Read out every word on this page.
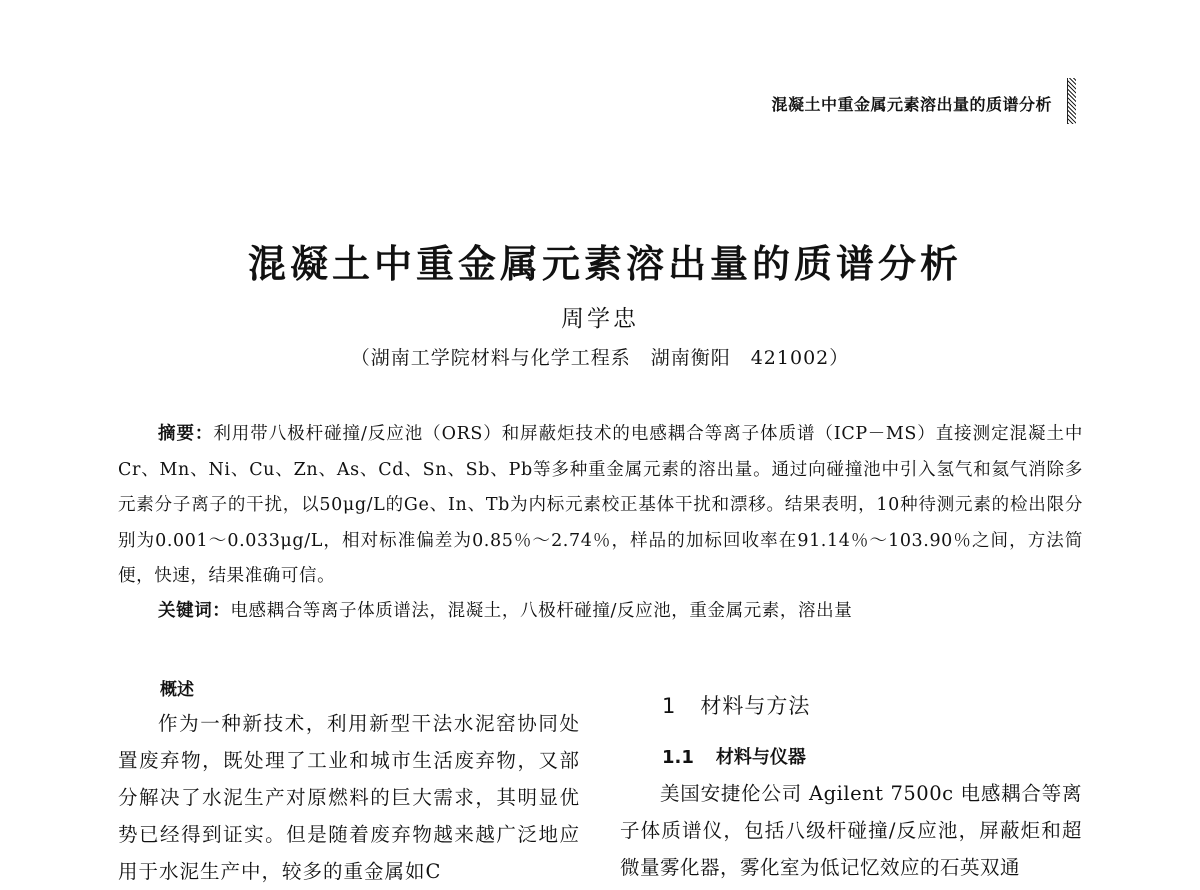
混凝土中重金属元素溶出量的质谱分析
混凝土中重金属元素溶出量的质谱分析
周学忠
（湖南工学院材料与化学工程系　湖南衡阳　421002）
摘要：利用带八极杆碰撞/反应池（ORS）和屏蔽炬技术的电感耦合等离子体质谱（ICP－MS）直接测定混凝土中Cr、Mn、Ni、Cu、Zn、As、Cd、Sn、Sb、Pb等多种重金属元素的溶出量。通过向碰撞池中引入氢气和氦气消除多元素分子离子的干扰，以50μg/L的Ge、In、Tb为内标元素校正基体干扰和漂移。结果表明，10种待测元素的检出限分别为0.001～0.033μg/L，相对标准偏差为0.85％～2.74％，样品的加标回收率在91.14％～103.90％之间，方法简便，快速，结果准确可信。
关键词：电感耦合等离子体质谱法，混凝土，八极杆碰撞/反应池，重金属元素，溶出量
概述
作为一种新技术，利用新型干法水泥窑协同处置废弃物，既处理了工业和城市生活废弃物，又部分解决了水泥生产对原燃料的巨大需求，其明显优势已经得到证实。但是随着废弃物越来越广泛地应用于水泥生产中，较多的重金属如C
1 材料与方法
1.1 材料与仪器
美国安捷伦公司 Agilent 7500c 电感耦合等离子体质谱仪，包括八级杆碰撞/反应池，屏蔽炬和超微量雾化器，雾化室为低记忆效应的石英双通
